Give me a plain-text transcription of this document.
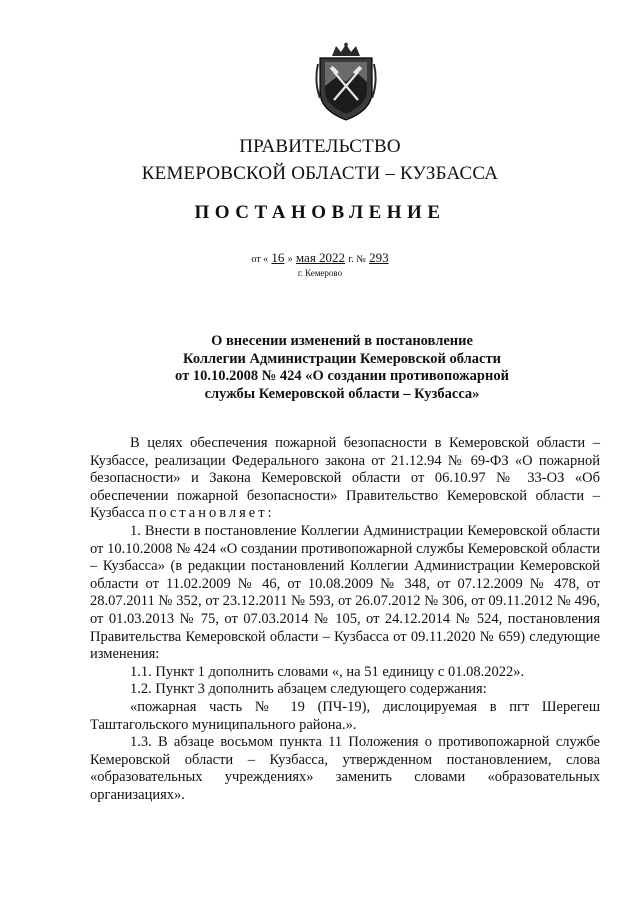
ПРАВИТЕЛЬСТВО
КЕМЕРОВСКОЙ ОБЛАСТИ – КУЗБАССА
ПОСТАНОВЛЕНИЕ
от « 16 » мая 2022 г. № 293
г. Кемерово
О внесении изменений в постановление
Коллегии Администрации Кемеровской области
от 10.10.2008 № 424 «О создании противопожарной
службы Кемеровской области – Кузбасса»

В целях обеспечения пожарной безопасности в Кемеровской области – Кузбассе, реализации Федерального закона от 21.12.94 № 69-ФЗ «О пожарной безопасности» и Закона Кемеровской области от 06.10.97 № 33-ОЗ «Об обеспечении пожарной безопасности» Правительство Кемеровской области – Кузбасса постановляет:

1. Внести в постановление Коллегии Администрации Кемеровской области от 10.10.2008 № 424 «О создании противопожарной службы Кемеровской области – Кузбасса» (в редакции постановлений Коллегии Администрации Кемеровской области от 11.02.2009 № 46, от 10.08.2009 № 348, от 07.12.2009 № 478, от 28.07.2011 № 352, от 23.12.2011 № 593, от 26.07.2012 № 306, от 09.11.2012 № 496, от 01.03.2013 № 75, от 07.03.2014 № 105, от 24.12.2014 № 524, постановления Правительства Кемеровской области – Кузбасса от 09.11.2020 № 659) следующие изменения:

1.1. Пункт 1 дополнить словами «, на 51 единицу с 01.08.2022».

1.2. Пункт 3 дополнить абзацем следующего содержания:

«пожарная часть № 19 (ПЧ-19), дислоцируемая в пгт Шерегеш Таштагольского муниципального района.».

1.3. В абзаце восьмом пункта 11 Положения о противопожарной службе Кемеровской области – Кузбасса, утвержденном постановлением, слова «образовательных учреждениях» заменить словами «образовательных организациях».
